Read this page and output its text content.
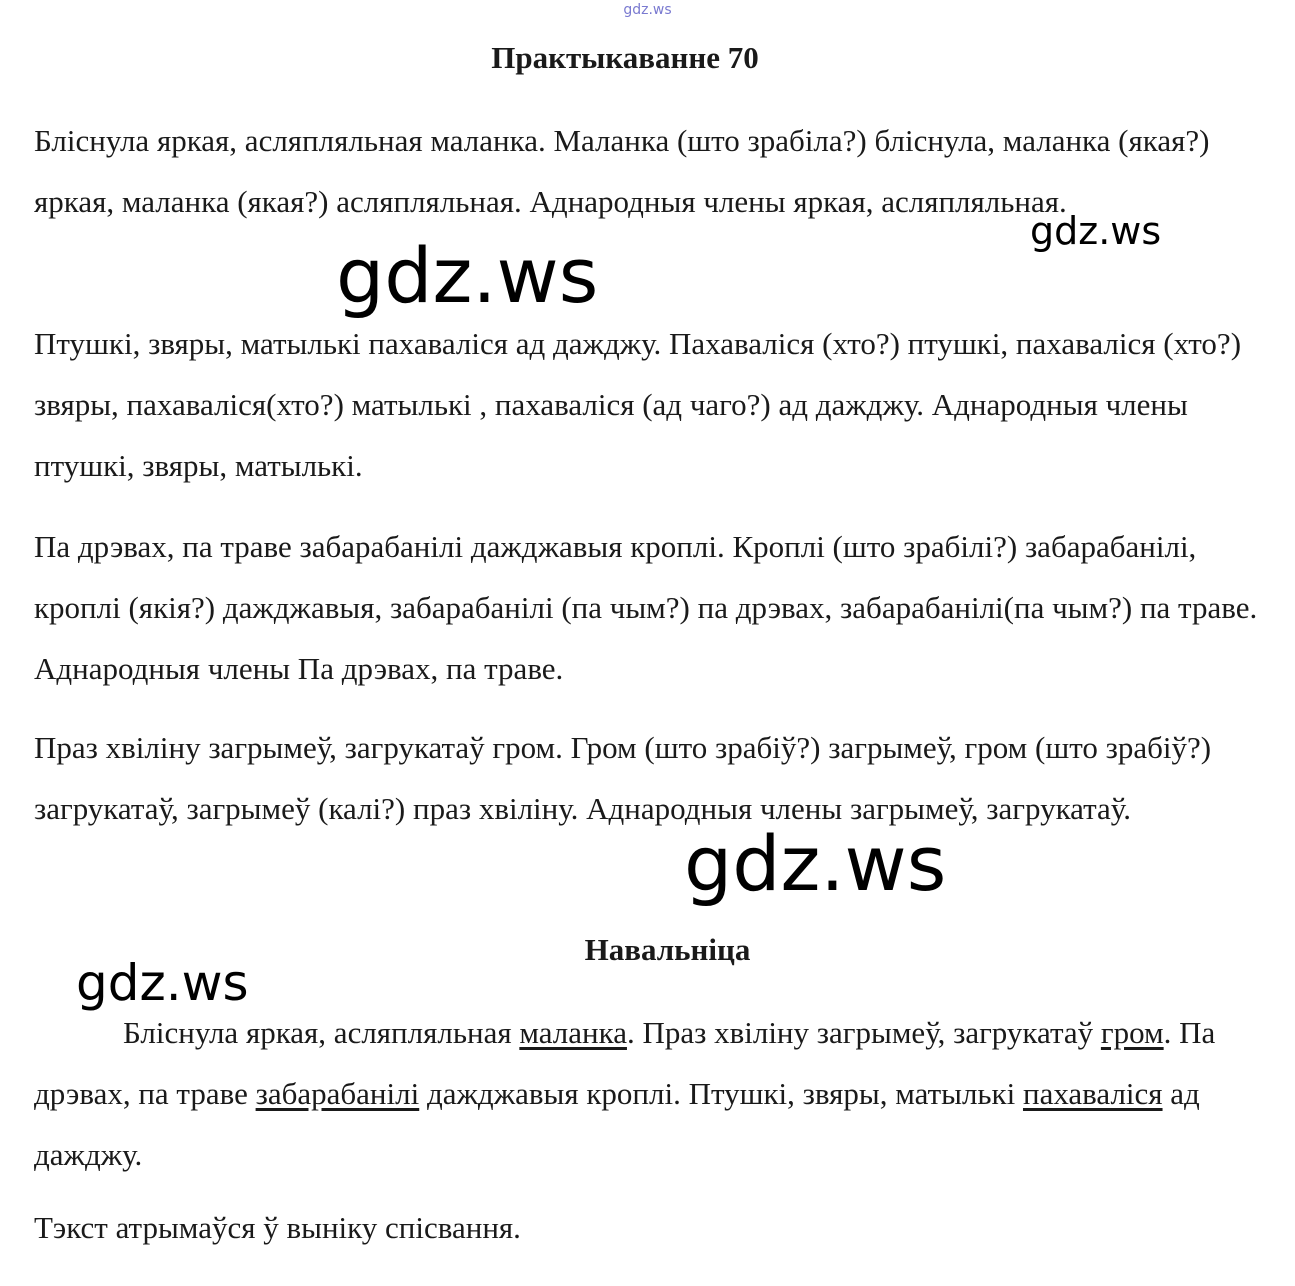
gdz.ws
Практыкаванне 70

Бліснула яркая, асляпляльная маланка. Маланка (што зрабіла?) бліснула, маланка (якая?) яркая, маланка (якая?) асляпляльная. Аднародныя члены яркая, асляпляльная.

Птушкі, звяры, матылькі пахаваліся ад дажджу. Пахаваліся (хто?) птушкі, пахаваліся (хто?) звяры, пахаваліся(хто?) матылькі , пахаваліся (ад чаго?) ад дажджу. Аднародныя члены птушкі, звяры, матылькі.

Па дрэвах, па траве забарабанілі дажджавыя кроплі. Кроплі (што зрабілі?) забарабанілі, кроплі (якія?) дажджавыя, забарабанілі (па чым?) па дрэвах, забарабанілі(па чым?) па траве. Аднародныя члены Па дрэвах, па траве.

Праз хвіліну загрымеў, загрукатаў гром. Гром (што зрабіў?) загрымеў, гром (што зрабіў?) загрукатаў, загрымеў (калі?) праз хвіліну. Аднародныя члены загрымеў, загрукатаў.

Навальніца

Бліснула яркая, асляпляльная маланка. Праз хвіліну загрымеў, загрукатаў гром. Па дрэвах, па траве забарабанілі дажджавыя кроплі. Птушкі, звяры, матылькі пахаваліся ад дажджу.

Тэкст атрымаўся ў выніку спісвання.

gdz.ws
gdz.ws
gdz.ws
gdz.ws
